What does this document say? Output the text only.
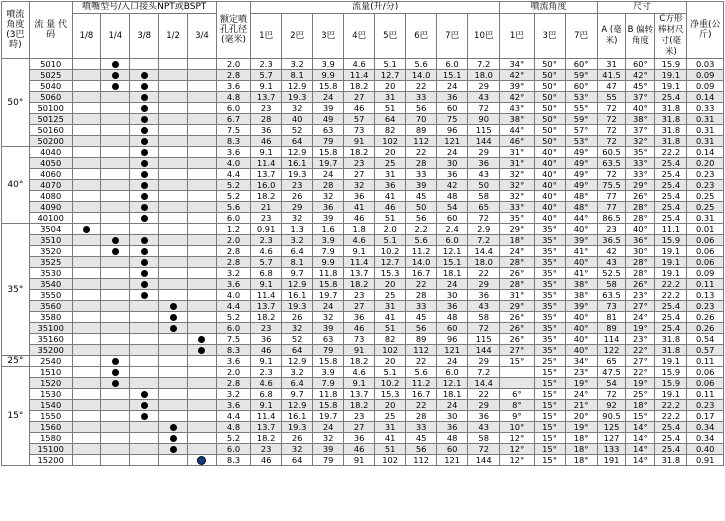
噴流角度(3巴時)	流 量 代 码	噴嘴型号/入口接头NPT或BSPT					额定噴孔孔径(毫米)	流量(升/分)								噴流角度			尺寸			净重(公斤)
		1/8	1/4	3/8	1/2	3/4		1巴	2巴	3巴	4巴	5巴	6巴	7巴	10巴	1巴	3巴	7巴	A (毫米)	B 偏转角度	C方形棒材尺寸(毫米)	
50°	5010						2.0	2.3	3.2	3.9	4.6	5.1	5.6	6.0	7.2	34°	50°	60°	31	60°	15.9	0.03
	5025						2.8	5.7	8.1	9.9	11.4	12.7	14.0	15.1	18.0	42°	50°	59°	41.5	42°	19.1	0.09
	5040						3.6	9.1	12.9	15.8	18.2	20	22	24	29	39°	50°	60°	47	45°	19.1	0.09
	5060						4.8	13.7	19.3	24	27	31	33	36	43	42°	50°	53°	55	37°	25.4	0.14
	50100						6.0	23	32	39	46	51	56	60	72	43°	50°	55°	72	40°	31.8	0.33
	50125						6.7	28	40	49	57	64	70	75	90	38°	50°	59°	72	38°	31.8	0.31
	50160						7.5	36	52	63	73	82	89	96	115	44°	50°	57°	72	37°	31.8	0.31
	50200						8.3	46	64	79	91	102	112	121	144	46°	50°	53°	72	32°	31.8	0.31
40°	4040						3.6	9.1	12.9	15.8	18.2	20	22	24	29	31°	40°	49°	60.5	35°	22.2	0.14
	4050						4.0	11.4	16.1	19.7	23	25	28	30	36	31°	40°	49°	63.5	33°	25.4	0.20
	4060						4.4	13.7	19.3	24	27	31	33	36	43	32°	40°	49°	72	33°	25.4	0.23
	4070						5.2	16.0	23	28	32	36	39	42	50	32°	40°	49°	75.5	29°	25.4	0.23
	4080						5.2	18.2	26	32	36	41	45	48	58	32°	40°	48°	77	26°	25.4	0.25
	4090						5.6	21	29	36	41	46	50	54	65	33°	40°	48°	77	28°	25.4	0.25
	40100						6.0	23	32	39	46	51	56	60	72	35°	40°	44°	86.5	28°	25.4	0.31
35°	3504						1.2	0.91	1.3	1.6	1.8	2.0	2.2	2.4	2.9	29°	35°	40°	23	40°	11.1	0.01
	3510						2.0	2.3	3.2	3.9	4.6	5.1	5.6	6.0	7.2	18°	35°	39°	36.5	36°	15.9	0.06
	3520						2.8	4.6	6.4	7.9	9.1	10.2	11.2	12.1	14.4	24°	35°	41°	42	30°	19.1	0.06
	3525						2.8	5.7	8.1	9.9	11.4	12.7	14.0	15.1	18.0	28°	35°	40°	43	28°	19.1	0.06
	3530						3.2	6.8	9.7	11.8	13.7	15.3	16.7	18.1	22	26°	35°	41°	52.5	28°	19.1	0.09
	3540						3.6	9.1	12.9	15.8	18.2	20	22	24	29	28°	35°	38°	58	26°	22.2	0.11
	3550						4.0	11.4	16.1	19.7	23	25	28	30	36	31°	35°	38°	63.5	23°	22.2	0.13
	3560						4.4	13.7	19.3	24	27	31	33	36	43	29°	35°	39°	73	27°	25.4	0.23
	3580						5.2	18.2	26	32	36	41	45	48	58	26°	35°	40°	81	24°	25.4	0.26
	35100						6.0	23	32	39	46	51	56	60	72	26°	35°	40°	89	19°	25.4	0.26
	35160						7.5	36	52	63	73	82	89	96	115	26°	35°	40°	114	23°	31.8	0.54
	35200						8.3	46	64	79	91	102	112	121	144	27°	35°	40°	122	22°	31.8	0.57
25°	2540						3.6	9.1	12.9	15.8	18.2	20	22	24	29	15°	25°	34°	65	27°	19.1	0.11
15°	1510						2.0	2.3	3.2	3.9	4.6	5.1	5.6	6.0	7.2		15°	23°	47.5	22°	15.9	0.06
	1520						2.8	4.6	6.4	7.9	9.1	10.2	11.2	12.1	14.4		15°	19°	54	19°	15.9	0.06
	1530						3.2	6.8	9.7	11.8	13.7	15.3	16.7	18.1	22	6°	15°	24°	72	25°	19.1	0.11
	1540						3.6	9.1	12.9	15.8	18.2	20	22	24	29	8°	15°	21°	92	18°	22.2	0.23
	1550						4.4	11.4	16.1	19.7	23	25	28	30	36	9°	15°	20°	90.5	15°	22.2	0.17
	1560						4.8	13.7	19.3	24	27	31	33	36	43	10°	15°	19°	125	14°	25.4	0.34
	1580						5.2	18.2	26	32	36	41	45	48	58	12°	15°	18°	127	14°	25.4	0.34
	15100						6.0	23	32	39	46	51	56	60	72	12°	15°	18°	133	14°	25.4	0.40
	15200						8.3	46	64	79	91	102	112	121	144	12°	15°	18°	191	14°	31.8	0.91
